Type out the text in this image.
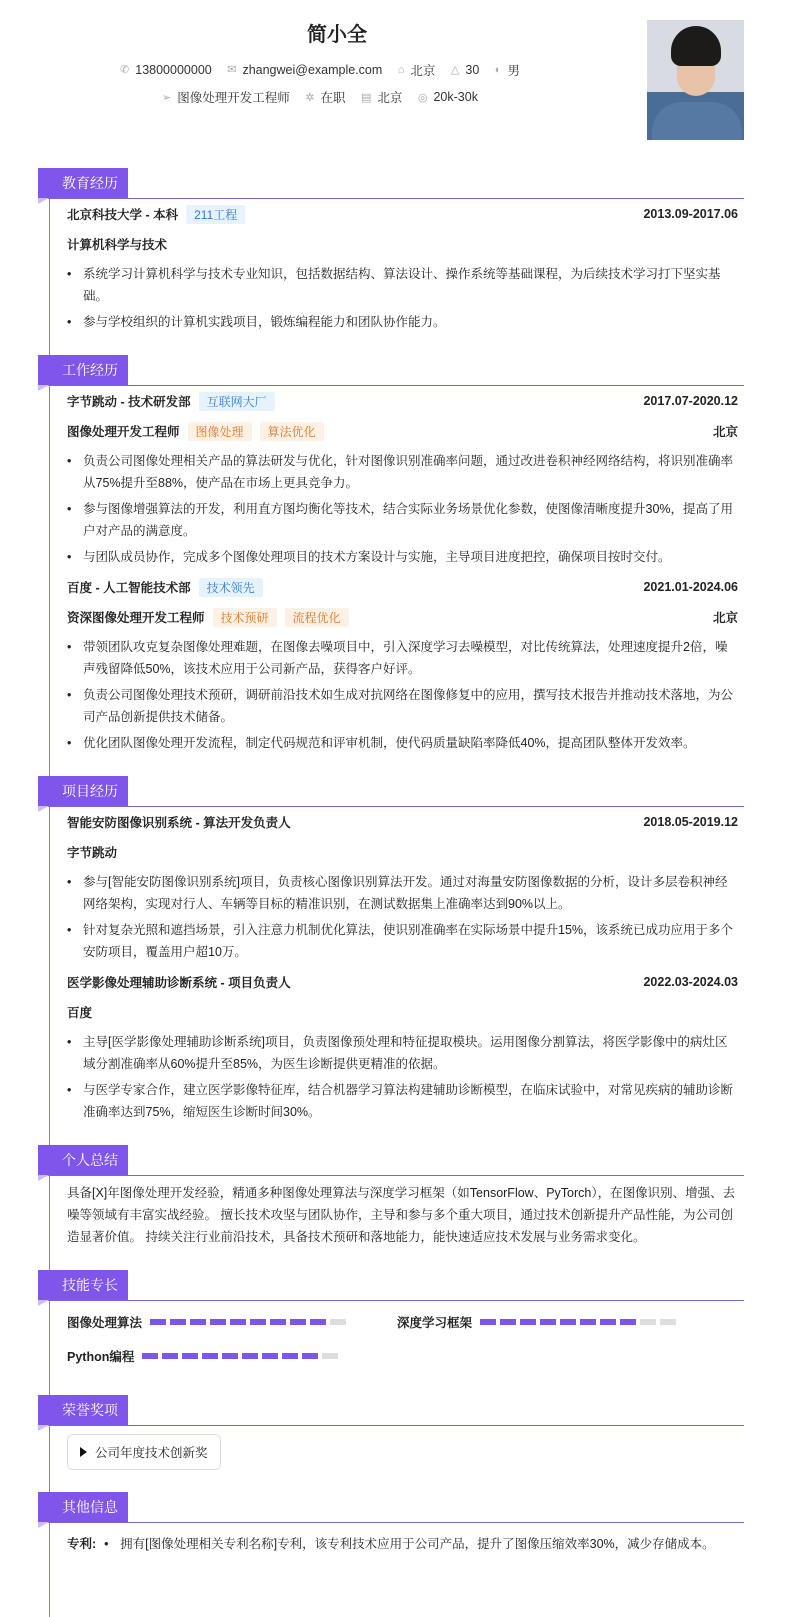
简小全
✆ 13800000000
✉ zhangwei@example.com
⌂ 北京
△ 30
◐ 男
➢ 图像处理开发工程师
✲ 在职
▤ 北京
◎ 20k-30k
教育经历
北京科技大学 - 本科	211工程	2013.09-2017.06
计算机科学与技术
• 系统学习计算机科学与技术专业知识，包括数据结构、算法设计、操作系统等基础课程，为后续技术学习打下坚实基础。
• 参与学校组织的计算机实践项目，锻炼编程能力和团队协作能力。
工作经历
字节跳动 - 技术研发部	互联网大厂	2017.07-2020.12
图像处理开发工程师	图像处理	算法优化	北京
• 负责公司图像处理相关产品的算法研发与优化，针对图像识别准确率问题，通过改进卷积神经网络结构，将识别准确率从75%提升至88%，使产品在市场上更具竞争力。
• 参与图像增强算法的开发，利用直方图均衡化等技术，结合实际业务场景优化参数，使图像清晰度提升30%，提高了用户对产品的满意度。
• 与团队成员协作，完成多个图像处理项目的技术方案设计与实施，主导项目进度把控，确保项目按时交付。
百度 - 人工智能技术部	技术领先	2021.01-2024.06
资深图像处理开发工程师	技术预研	流程优化	北京
• 带领团队攻克复杂图像处理难题，在图像去噪项目中，引入深度学习去噪模型，对比传统算法，处理速度提升2倍，噪声残留降低50%，该技术应用于公司新产品，获得客户好评。
• 负责公司图像处理技术预研，调研前沿技术如生成对抗网络在图像修复中的应用，撰写技术报告并推动技术落地，为公司产品创新提供技术储备。
• 优化团队图像处理开发流程，制定代码规范和评审机制，使代码质量缺陷率降低40%，提高团队整体开发效率。
项目经历
智能安防图像识别系统 - 算法开发负责人	2018.05-2019.12
字节跳动
• 参与[智能安防图像识别系统]项目，负责核心图像识别算法开发。通过对海量安防图像数据的分析，设计多层卷积神经网络架构，实现对行人、车辆等目标的精准识别，在测试数据集上准确率达到90%以上。
• 针对复杂光照和遮挡场景，引入注意力机制优化算法，使识别准确率在实际场景中提升15%，该系统已成功应用于多个安防项目，覆盖用户超10万。
医学影像处理辅助诊断系统 - 项目负责人	2022.03-2024.03
百度
• 主导[医学影像处理辅助诊断系统]项目，负责图像预处理和特征提取模块。运用图像分割算法，将医学影像中的病灶区域分割准确率从60%提升至85%，为医生诊断提供更精准的依据。
• 与医学专家合作，建立医学影像特征库，结合机器学习算法构建辅助诊断模型，在临床试验中，对常见疾病的辅助诊断准确率达到75%，缩短医生诊断时间30%。
个人总结
具备[X]年图像处理开发经验，精通多种图像处理算法与深度学习框架（如TensorFlow、PyTorch），在图像识别、增强、去噪等领域有丰富实战经验。 擅长技术攻坚与团队协作，主导和参与多个重大项目，通过技术创新提升产品性能，为公司创造显著价值。 持续关注行业前沿技术，具备技术预研和落地能力，能快速适应技术发展与业务需求变化。
技能专长
图像处理算法	深度学习框架
Python编程
荣誉奖项
公司年度技术创新奖
其他信息
专利:	• 拥有[图像处理相关专利名称]专利，该专利技术应用于公司产品，提升了图像压缩效率30%，减少存储成本。
